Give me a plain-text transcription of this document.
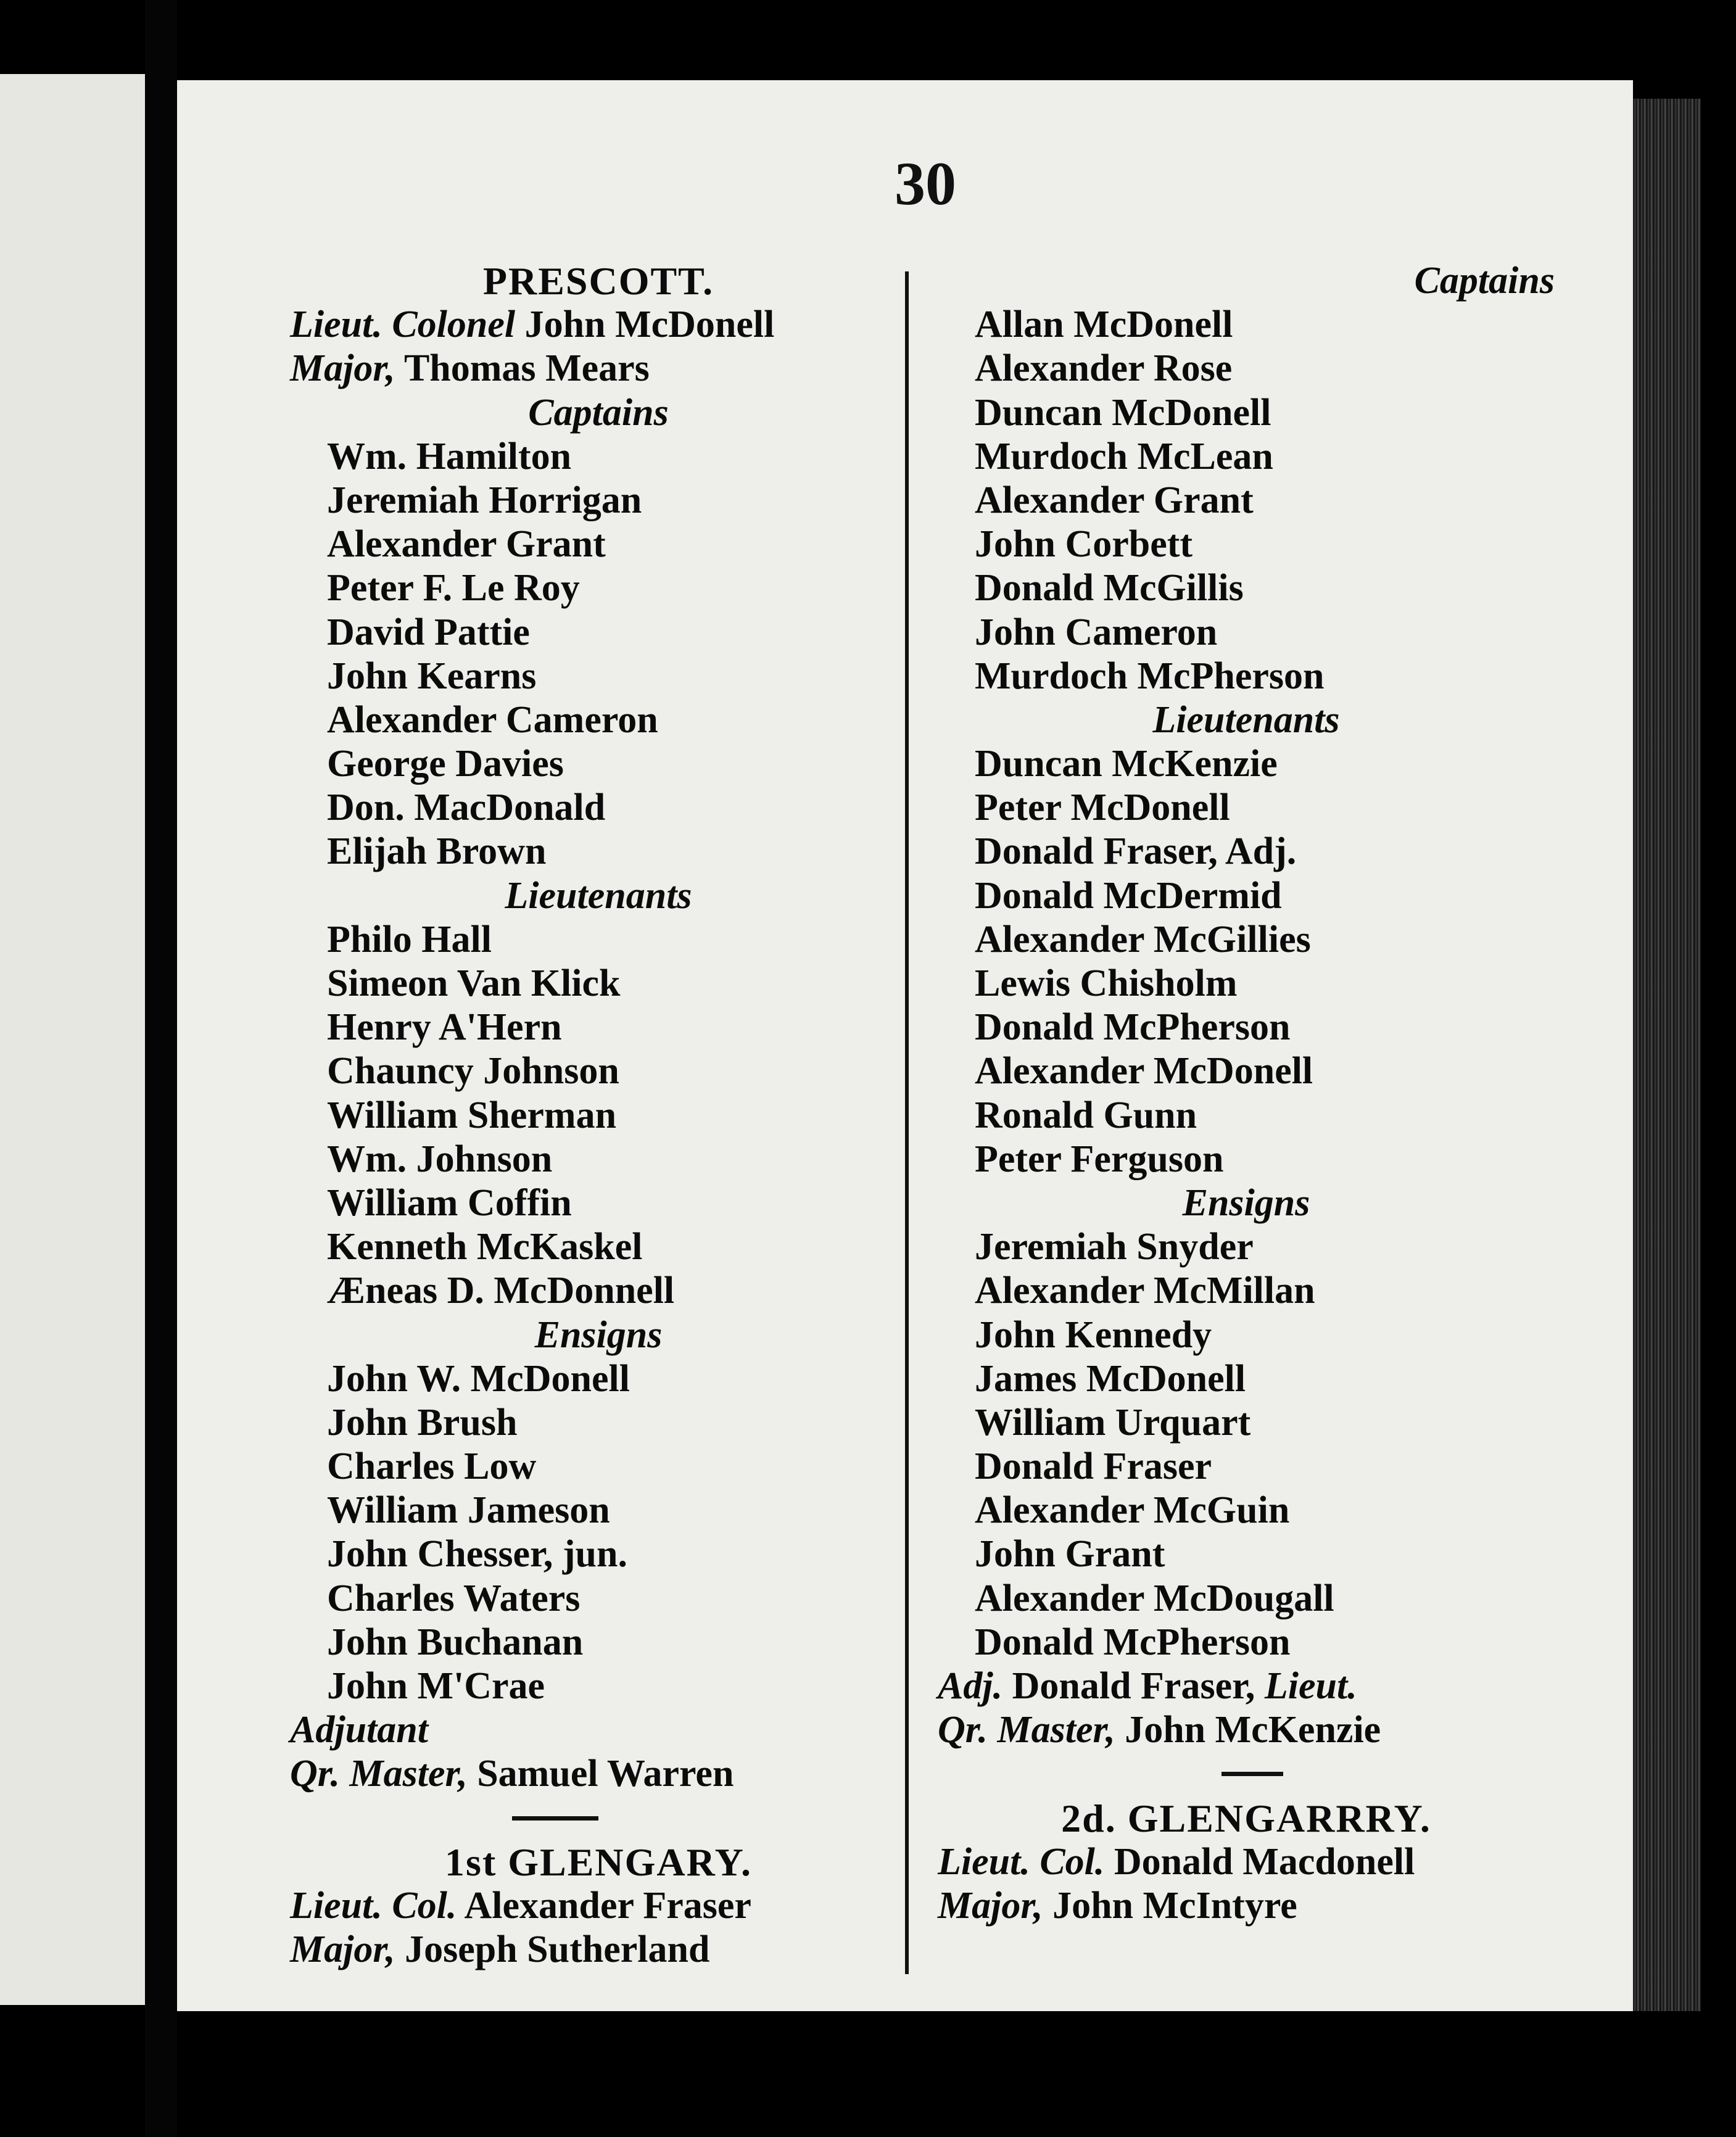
30
PRESCOTT.
Lieut. Colonel John McDonell
Major, Thomas Mears
Captains
Wm. Hamilton
Jeremiah Horrigan
Alexander Grant
Peter F. Le Roy
David Pattie
John Kearns
Alexander Cameron
George Davies
Don. MacDonald
Elijah Brown
Lieutenants
Philo Hall
Simeon Van Klick
Henry A'Hern
Chauncy Johnson
William Sherman
Wm. Johnson
William Coffin
Kenneth McKaskel
Æneas D. McDonnell
Ensigns
John W. McDonell
John Brush
Charles Low
William Jameson
John Chesser, jun.
Charles Waters
John Buchanan
John M'Crae
Adjutant
Qr. Master, Samuel Warren
1st GLENGARY.
Lieut. Col. Alexander Fraser
Major, Joseph Sutherland
Captains
Allan McDonell
Alexander Rose
Duncan McDonell
Murdoch McLean
Alexander Grant
John Corbett
Donald McGillis
John Cameron
Murdoch McPherson
Lieutenants
Duncan McKenzie
Peter McDonell
Donald Fraser, Adj.
Donald McDermid
Alexander McGillies
Lewis Chisholm
Donald McPherson
Alexander McDonell
Ronald Gunn
Peter Ferguson
Ensigns
Jeremiah Snyder
Alexander McMillan
John Kennedy
James McDonell
William Urquart
Donald Fraser
Alexander McGuin
John Grant
Alexander McDougall
Donald McPherson
Adj. Donald Fraser, Lieut.
Qr. Master, John McKenzie
2d. GLENGARRRY.
Lieut. Col. Donald Macdonell
Major, John McIntyre
